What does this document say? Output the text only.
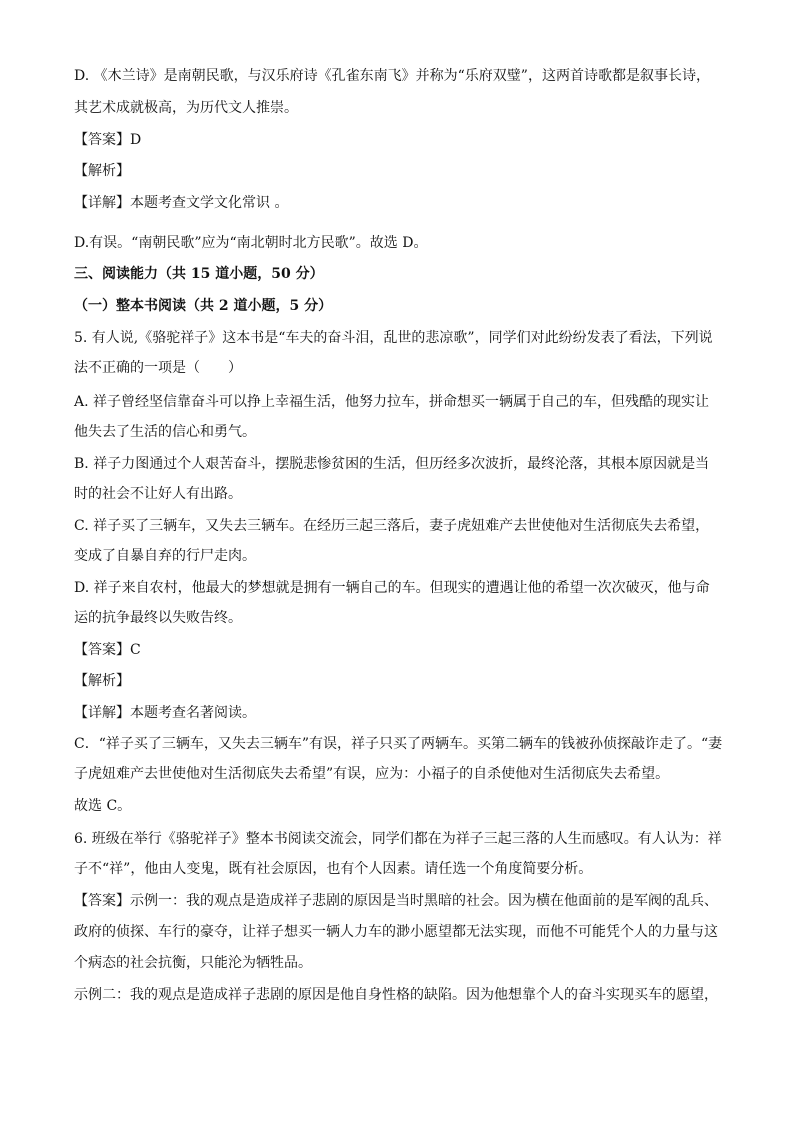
D. 《木兰诗》是南朝民歌，与汉乐府诗《孔雀东南飞》并称为“乐府双璧”，这两首诗歌都是叙事长诗，
其艺术成就极高，为历代文人推崇。
【答案】D
【解析】
【详解】本题考查文学文化常识 。
D.有误。“南朝民歌”应为“南北朝时北方民歌”。故选 D。
三、阅读能力（共 15 道小题，50 分）
（一）整本书阅读（共 2 道小题，5 分）
5. 有人说,《骆驼祥子》这本书是“车夫的奋斗泪，乱世的悲凉歌”，同学们对此纷纷发表了看法，下列说
法不正确的一项是（　　）
A. 祥子曾经坚信靠奋斗可以挣上幸福生活，他努力拉车，拼命想买一辆属于自己的车，但残酷的现实让
他失去了生活的信心和勇气。
B. 祥子力图通过个人艰苦奋斗，摆脱悲惨贫困的生活，但历经多次波折，最终沦落，其根本原因就是当
时的社会不让好人有出路。
C. 祥子买了三辆车，又失去三辆车。在经历三起三落后，妻子虎妞难产去世使他对生活彻底失去希望，
变成了自暴自弃的行尸走肉。
D. 祥子来自农村，他最大的梦想就是拥有一辆自己的车。但现实的遭遇让他的希望一次次破灭，他与命
运的抗争最终以失败告终。
【答案】C
【解析】
【详解】本题考查名著阅读。
C．“祥子买了三辆车，又失去三辆车”有误，祥子只买了两辆车。买第二辆车的钱被孙侦探敲诈走了。“妻
子虎妞难产去世使他对生活彻底失去希望”有误，应为：小福子的自杀使他对生活彻底失去希望。
故选 C。
6. 班级在举行《骆驼祥子》整本书阅读交流会，同学们都在为祥子三起三落的人生而感叹。有人认为：祥
子不“祥”，他由人变鬼，既有社会原因，也有个人因素。请任选一个角度简要分析。
【答案】示例一：我的观点是造成祥子悲剧的原因是当时黑暗的社会。因为横在他面前的是军阀的乱兵、
政府的侦探、车行的豪夺，让祥子想买一辆人力车的渺小愿望都无法实现，而他不可能凭个人的力量与这
个病态的社会抗衡，只能沦为牺牲品。
示例二：我的观点是造成祥子悲剧的原因是他自身性格的缺陷。因为他想靠个人的奋斗实现买车的愿望，
